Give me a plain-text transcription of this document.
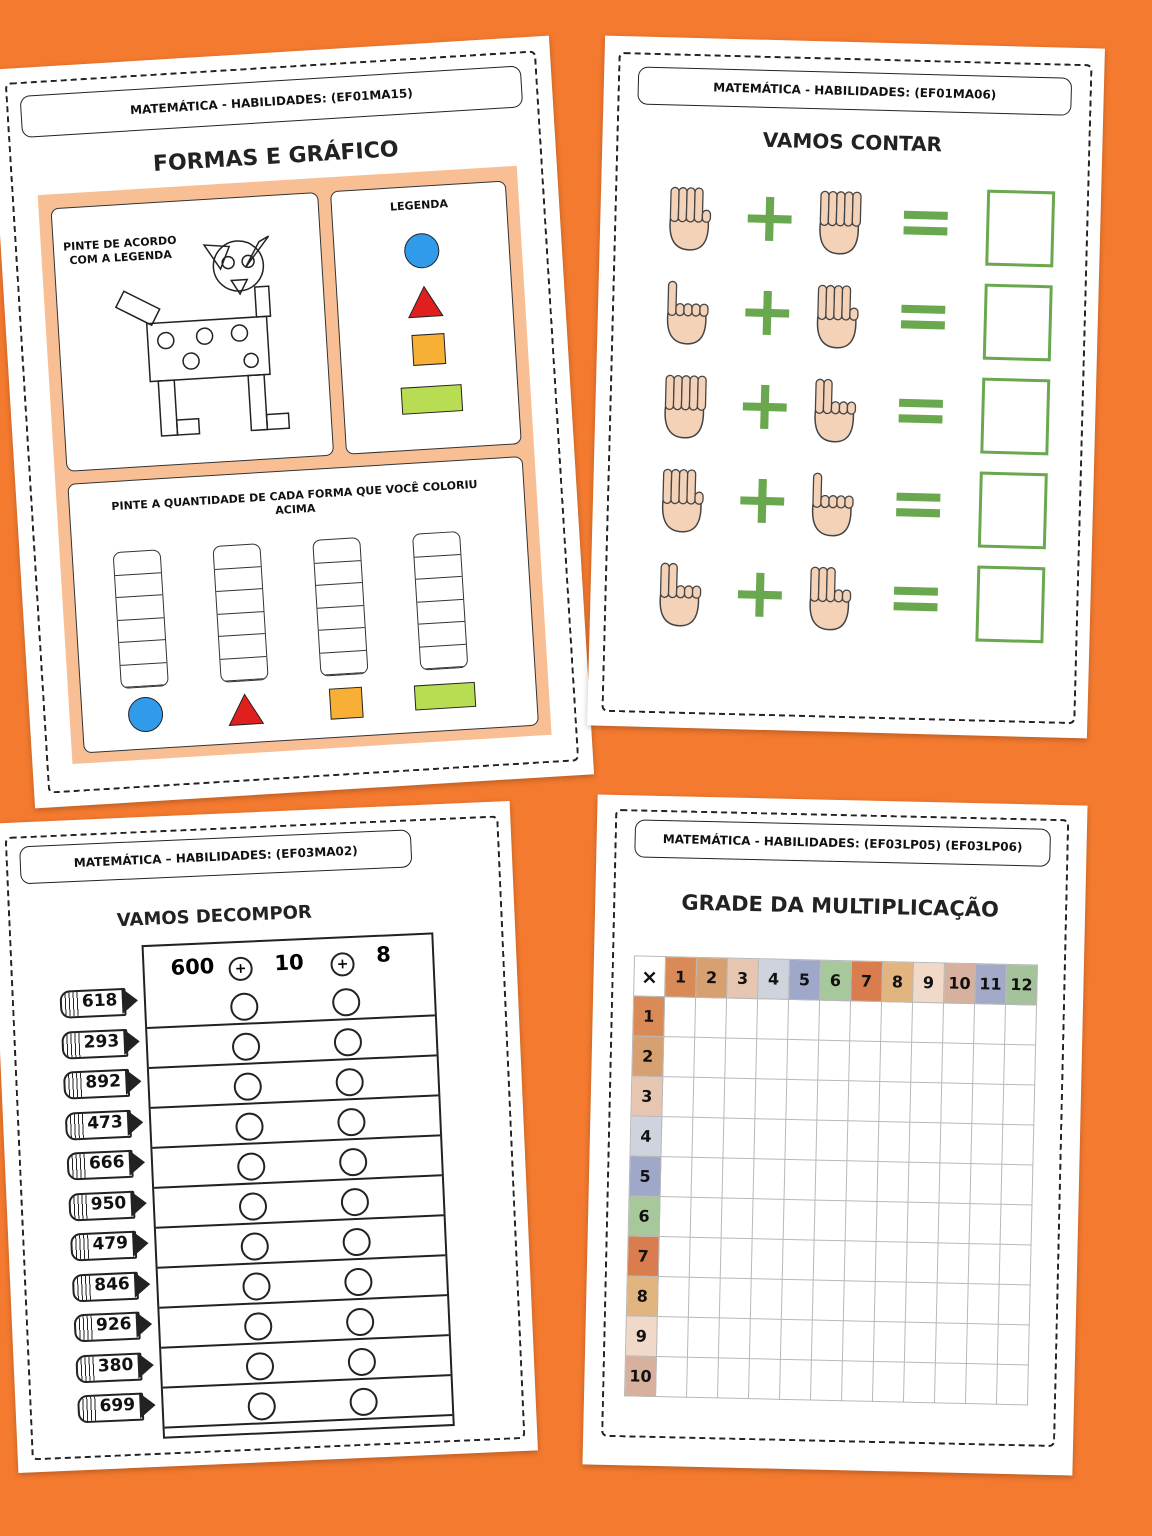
MATEMÁTICA - HABILIDADES: (EF01MA15)
FORMAS E GRÁFICO
PINTE DE ACORDO COM A LEGENDA
LEGENDA
PINTE A QUANTIDADE DE CADA FORMA QUE VOCÊ COLORIU ACIMA
MATEMÁTICA - HABILIDADES: (EF01MA06)
VAMOS CONTAR
+ =
+ =
+ =
+ =
+ =
MATEMÁTICA – HABILIDADES: (EF03MA02)
VAMOS DECOMPOR
600	10	8
+	+
618
293
892
473
666
950
479
846
926
380
699
MATEMÁTICA - HABILIDADES: (EF03LP05) (EF03LP06)
GRADE DA MULTIPLICAÇÃO
×	1	2	3	4	5	6	7	8	9	10	11	12
1												
2												
3												
4												
5												
6												
7												
8												
9												
10												
